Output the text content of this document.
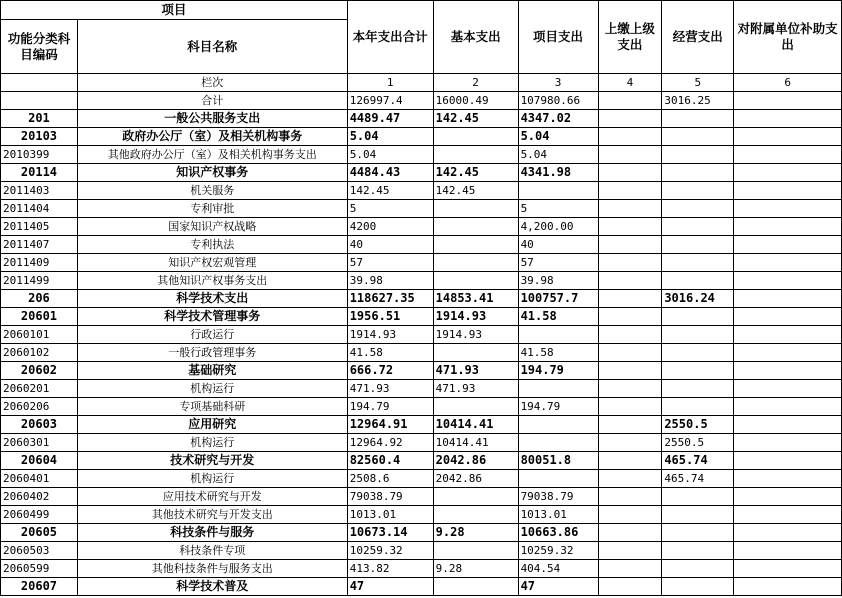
项目		本年支出合计	基本支出	项目支出	上缴上级支出	经营支出	对附属单位补助支出
功能分类科目编码	科目名称						
	栏次	1	2	3	4	5	6
	合计	126997.4	16000.49	107980.66		3016.25	
201	一般公共服务支出	4489.47	142.45	4347.02			
20103	政府办公厅（室）及相关机构事务	5.04		5.04			
2010399	其他政府办公厅（室）及相关机构事务支出	5.04		5.04			
20114	知识产权事务	4484.43	142.45	4341.98			
2011403	机关服务	142.45	142.45				
2011404	专利审批	5		5			
2011405	国家知识产权战略	4200		4,200.00			
2011407	专利执法	40		40			
2011409	知识产权宏观管理	57		57			
2011499	其他知识产权事务支出	39.98		39.98			
206	科学技术支出	118627.35	14853.41	100757.7		3016.24	
20601	科学技术管理事务	1956.51	1914.93	41.58			
2060101	行政运行	1914.93	1914.93				
2060102	一般行政管理事务	41.58		41.58			
20602	基础研究	666.72	471.93	194.79			
2060201	机构运行	471.93	471.93				
2060206	专项基础科研	194.79		194.79			
20603	应用研究	12964.91	10414.41			2550.5	
2060301	机构运行	12964.92	10414.41			2550.5	
20604	技术研究与开发	82560.4	2042.86	80051.8		465.74	
2060401	机构运行	2508.6	2042.86			465.74	
2060402	应用技术研究与开发	79038.79		79038.79			
2060499	其他技术研究与开发支出	1013.01		1013.01			
20605	科技条件与服务	10673.14	9.28	10663.86			
2060503	科技条件专项	10259.32		10259.32			
2060599	其他科技条件与服务支出	413.82	9.28	404.54			
20607	科学技术普及	47		47			
